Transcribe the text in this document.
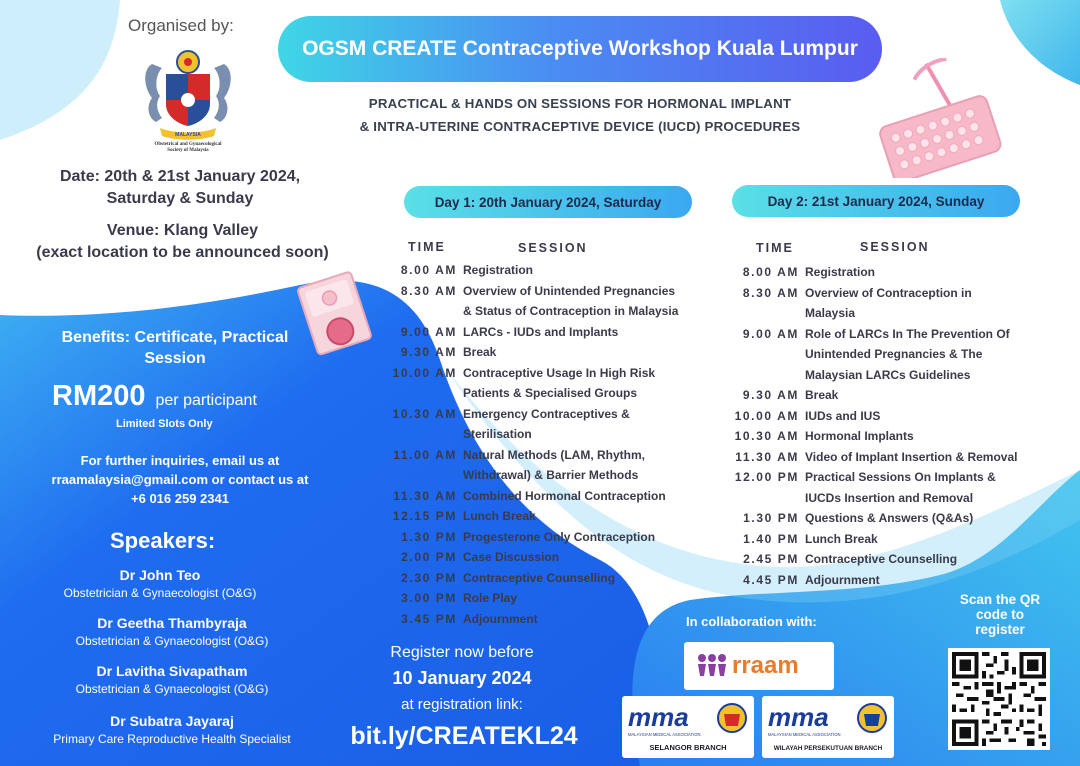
Organised by:
MALAYSIA
Obstetrical and Gynaecological
Society of Malaysia
OGSM CREATE Contraceptive Workshop Kuala Lumpur
PRACTICAL & HANDS ON SESSIONS FOR HORMONAL IMPLANT
& INTRA-UTERINE CONTRACEPTIVE DEVICE (IUCD) PROCEDURES
Date: 20th & 21st January 2024,
Saturday & Sunday
Venue: Klang Valley
(exact location to be announced soon)
Benefits: Certificate, Practical
Session
RM200 per participant
Limited Slots Only
For further inquiries, email us at
rraamalaysia@gmail.com or contact us at
+6 016 259 2341
Speakers:
Dr John Teo
Obstetrician & Gynaecologist (O&G)
Dr Geetha Thambyraja
Obstetrician & Gynaecologist (O&G)
Dr Lavitha Sivapatham
Obstetrician & Gynaecologist (O&G)
Dr Subatra Jayaraj
Primary Care Reproductive Health Specialist
Day 1: 20th January 2024, Saturday	Day 2: 21st January 2024, Sunday
TIME	SESSION	TIME	SESSION
8.00 AM Registration
8.30 AM Overview of Unintended Pregnancies
& Status of Contraception in Malaysia
9.00 AM LARCs - IUDs and Implants
9.30 AM Break
10.00 AM Contraceptive Usage In High Risk
Patients & Specialised Groups
10.30 AM Emergency Contraceptives &
Sterilisation
11.00 AM Natural Methods (LAM, Rhythm,
Withdrawal) & Barrier Methods
11.30 AM Combined Hormonal Contraception
12.15 PM Lunch Break
1.30 PM Progesterone Only Contraception
2.00 PM Case Discussion
2.30 PM Contraceptive Counselling
3.00 PM Role Play
3.45 PM Adjournment
8.00 AM Registration
8.30 AM Overview of Contraception in
Malaysia
9.00 AM Role of LARCs In The Prevention Of
Unintended Pregnancies & The
Malaysian LARCs Guidelines
9.30 AM Break
10.00 AM IUDs and IUS
10.30 AM Hormonal Implants
11.30 AM Video of Implant Insertion & Removal
12.00 PM Practical Sessions On Implants &
IUCDs Insertion and Removal
1.30 PM Questions & Answers (Q&As)
1.40 PM Lunch Break
2.45 PM Contraceptive Counselling
4.45 PM Adjournment
Register now before
10 January 2024
at registration link:
bit.ly/CREATEKL24
In collaboration with:
rraam
mma
MALAYSIAN MEDICAL ASSOCIATION
SELANGOR BRANCH
mma
MALAYSIAN MEDICAL ASSOCIATION
WILAYAH PERSEKUTUAN BRANCH
Scan the QR
code to
register
